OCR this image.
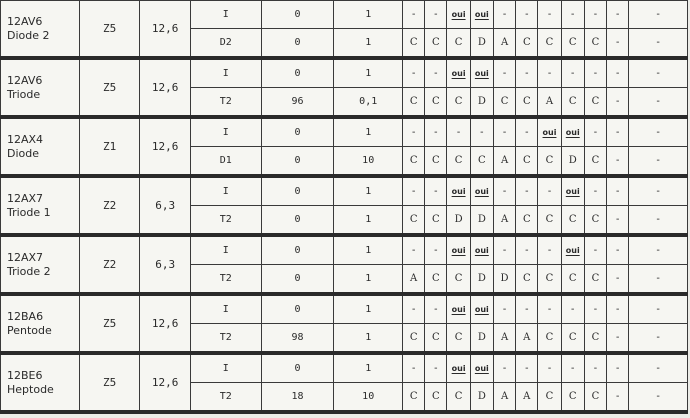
12AV6
Diode 2	Z5	12,6	I	0	1	-	-	oui	oui	-	-	-	-	-	-	-
			D2	0	1	C	C	C	D	A	C	C	C	C	-	-

12AV6
Triode	Z5	12,6	I	0	1	-	-	oui	oui	-	-	-	-	-	-	-
			T2	96	0,1	C	C	C	D	C	C	A	C	C	-	-

12AX4
Diode	Z1	12,6	I	0	1	-	-	-	-	-	-	oui	oui	-	-	-
			D1	0	10	C	C	C	C	A	C	C	D	C	-	-

12AX7
Triode 1	Z2	6,3	I	0	1	-	-	oui	oui	-	-	-	oui	-	-	-
			T2	0	1	C	C	D	D	A	C	C	C	C	-	-

12AX7
Triode 2	Z2	6,3	I	0	1	-	-	oui	oui	-	-	-	oui	-	-	-
			T2	0	1	A	C	C	D	D	C	C	C	C	-	-

12BA6
Pentode	Z5	12,6	I	0	1	-	-	oui	oui	-	-	-	-	-	-	-
			T2	98	1	C	C	C	D	A	A	C	C	C	-	-

12BE6
Heptode	Z5	12,6	I	0	1	-	-	oui	oui	-	-	-	-	-	-	-
			T2	18	10	C	C	C	D	A	A	C	C	C	-	-
